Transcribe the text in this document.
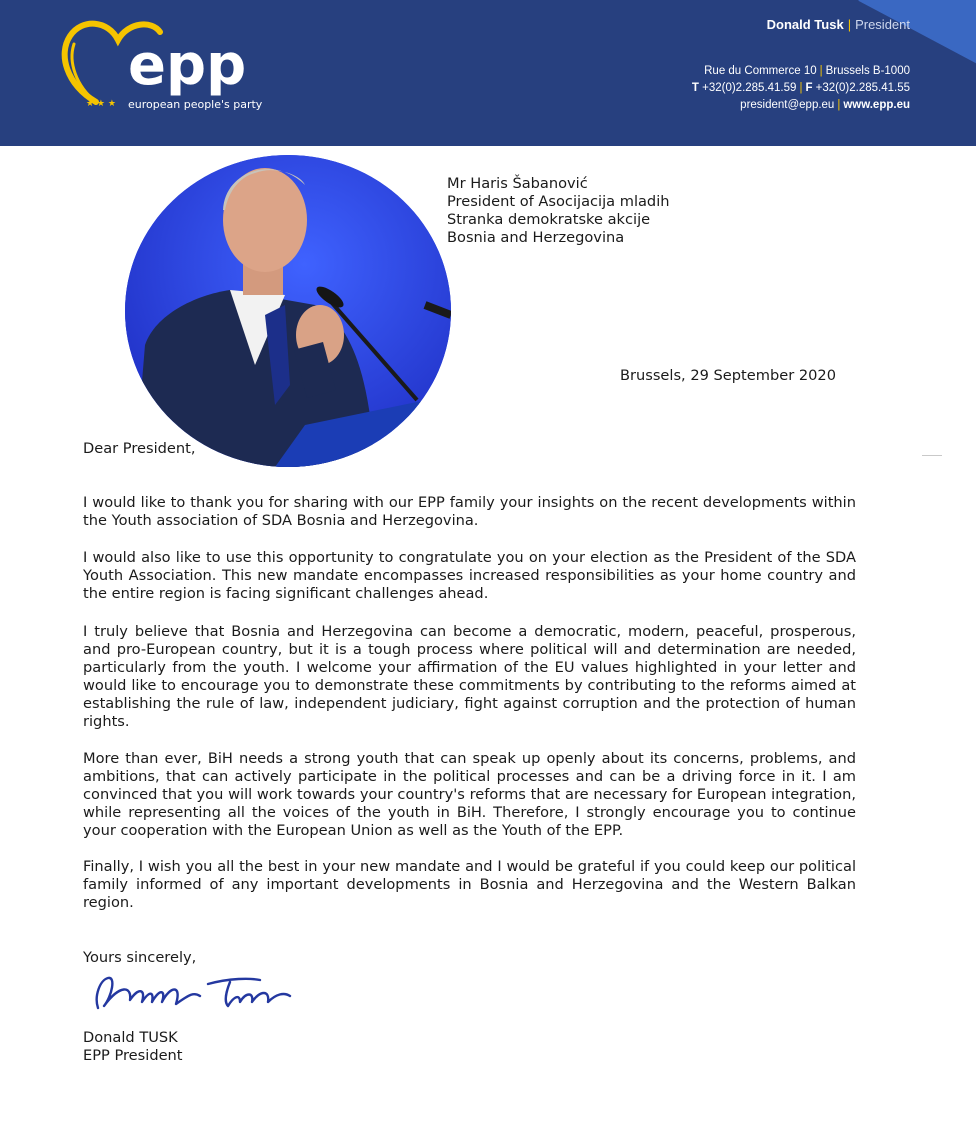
★ ★ ★
epp
european people's party
Donald Tusk | President
Rue du Commerce 10 | Brussels B-1000
T +32(0)2.285.41.59 | F +32(0)2.285.41.55
president@epp.eu | www.epp.eu
Mr Haris Šabanović
President of Asocijacija mladih
Stranka demokratske akcije
Bosnia and Herzegovina
Brussels, 29 September 2020
Dear President,
I would like to thank you for sharing with our EPP family your insights on the recent developments within the Youth association of SDA Bosnia and Herzegovina.
I would also like to use this opportunity to congratulate you on your election as the President of the SDA Youth Association. This new mandate encompasses increased responsibilities as your home country and the entire region is facing significant challenges ahead.
I truly believe that Bosnia and Herzegovina can become a democratic, modern, peaceful, prosperous, and pro-European country, but it is a tough process where political will and determination are needed, particularly from the youth. I welcome your affirmation of the EU values highlighted in your letter and would like to encourage you to demonstrate these commitments by contributing to the reforms aimed at establishing the rule of law, independent judiciary, fight against corruption and the protection of human rights.
More than ever, BiH needs a strong youth that can speak up openly about its concerns, problems, and ambitions, that can actively participate in the political processes and can be a driving force in it. I am convinced that you will work towards your country's reforms that are necessary for European integration, while representing all the voices of the youth in BiH. Therefore, I strongly encourage you to continue your cooperation with the European Union as well as the Youth of the EPP.
Finally, I wish you all the best in your new mandate and I would be grateful if you could keep our political family informed of any important developments in Bosnia and Herzegovina and the Western Balkan region.
Yours sincerely,
Donald TUSK
EPP President
